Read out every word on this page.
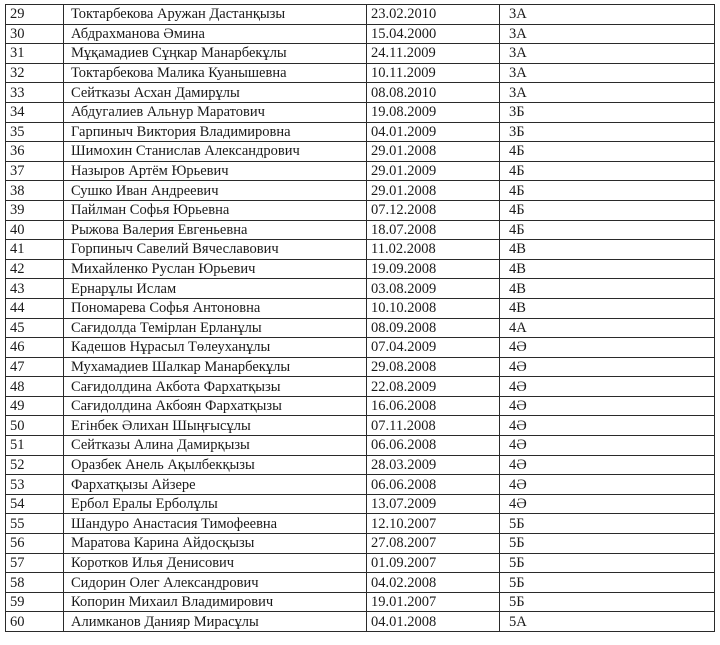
29	Токтарбекова Аружан Дастанқызы	23.02.2010	3А
30	Абдрахманова Әмина	15.04.2000	3А
31	Мұқамадиев Сұңкар Манарбекұлы	24.11.2009	3А
32	Токтарбекова Малика Куанышевна	10.11.2009	3А
33	Сейтказы Асхан Дамирұлы	08.08.2010	3А
34	Абдугалиев Альнур Маратович	19.08.2009	3Б
35	Гарпиныч Виктория Владимировна	04.01.2009	3Б
36	Шимохин Станислав Александрович	29.01.2008	4Б
37	Назыров Артём Юрьевич	29.01.2009	4Б
38	Сушко Иван Андреевич	29.01.2008	4Б
39	Пайлман Софья Юрьевна	07.12.2008	4Б
40	Рыжова Валерия Евгеньевна	18.07.2008	4Б
41	Горпиныч Савелий Вячеславович	11.02.2008	4В
42	Михайленко Руслан Юрьевич	19.09.2008	4В
43	Ернарұлы Ислам	03.08.2009	4В
44	Пономарева Софья Антоновна	10.10.2008	4В
45	Сағидолда Темірлан Ерланұлы	08.09.2008	4А
46	Кадешов Нұрасыл Төлеуханұлы	07.04.2009	4Ә
47	Мухамадиев Шалкар Манарбекұлы	29.08.2008	4Ә
48	Сағидолдина Акбота Фархатқызы	22.08.2009	4Ә
49	Сағидолдина Акбоян Фархатқызы	16.06.2008	4Ә
50	Егінбек Әлихан Шыңғысұлы	07.11.2008	4Ә
51	Сейтказы Алина Дамирқызы	06.06.2008	4Ә
52	Оразбек Анель Ақылбекқызы	28.03.2009	4Ә
53	Фархатқызы Айзере	06.06.2008	4Ә
54	Ербол Ералы Ерболұлы	13.07.2009	4Ә
55	Шандуро Анастасия Тимофеевна	12.10.2007	5Б
56	Маратова Карина Айдосқызы	27.08.2007	5Б
57	Коротков Илья Денисович	01.09.2007	5Б
58	Сидорин Олег Александрович	04.02.2008	5Б
59	Копорин Михаил Владимирович	19.01.2007	5Б
60	Алимканов Данияр Мирасұлы	04.01.2008	5А
